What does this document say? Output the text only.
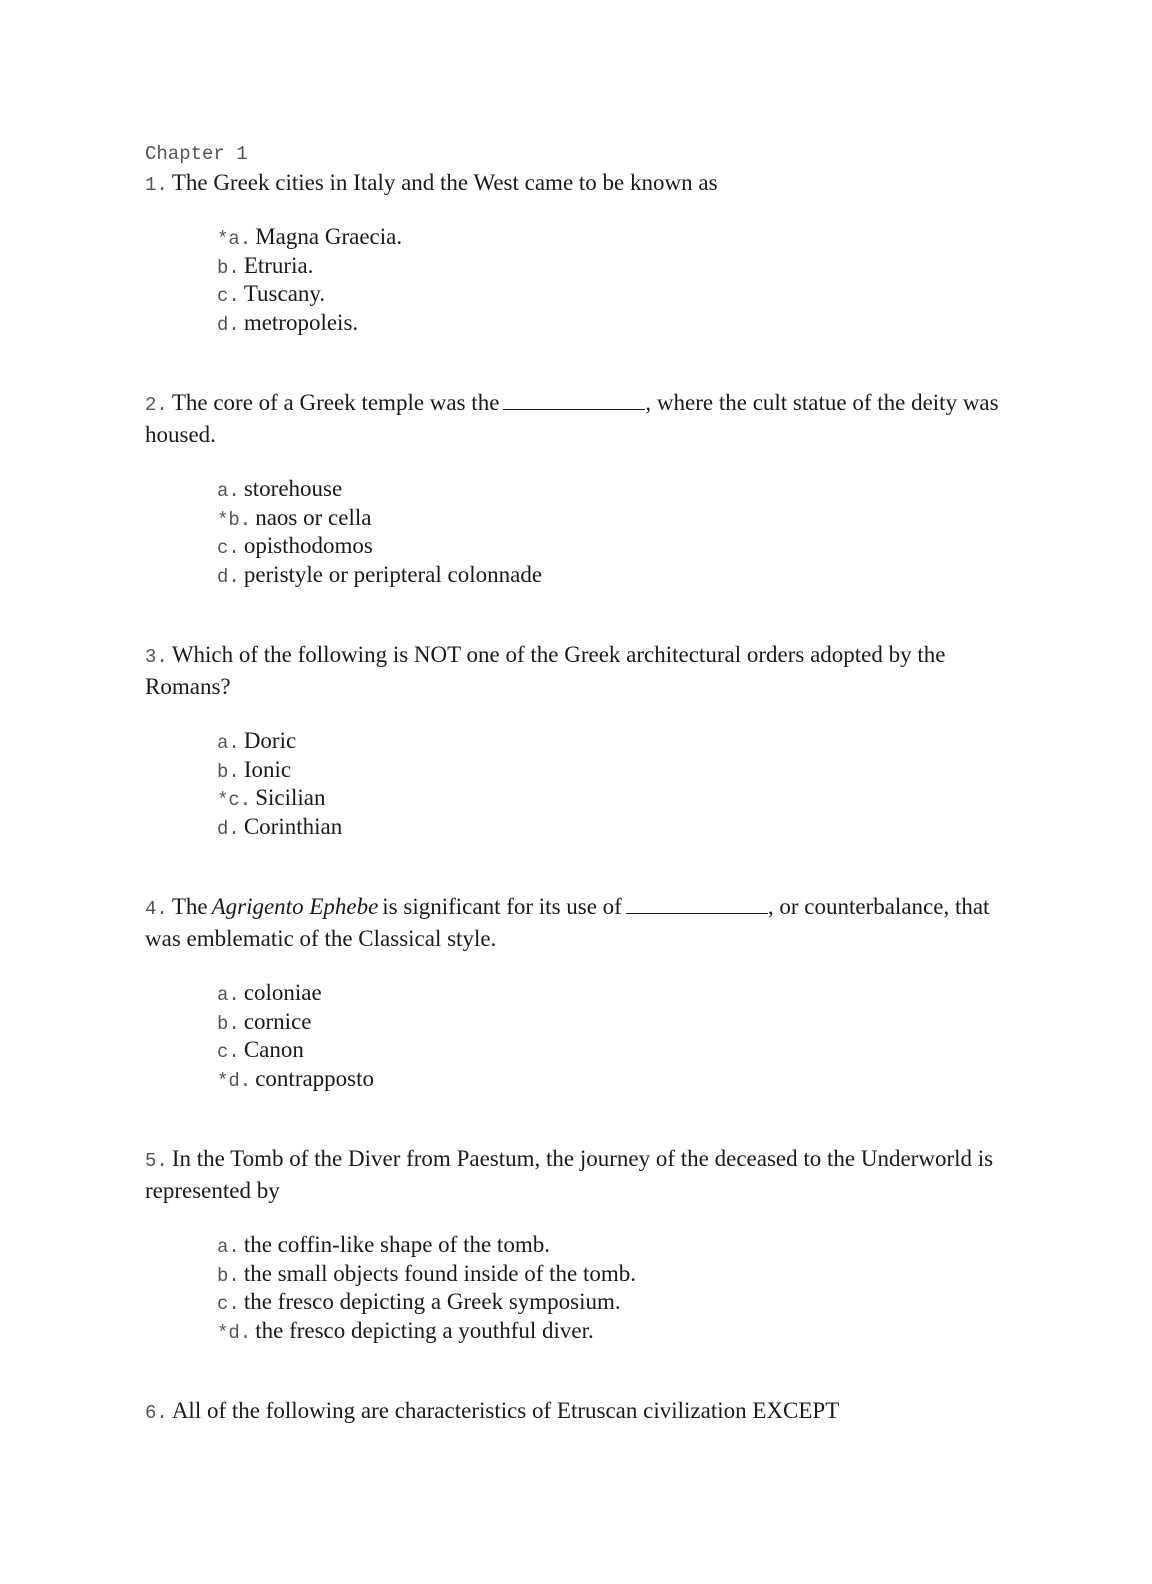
Chapter 1
1. The Greek cities in Italy and the West came to be known as
*a. Magna Graecia.
b. Etruria.
c. Tuscany.
d. metropoleis.
2. The core of a Greek temple was the	, where the cult statue of the deity was housed.
a. storehouse
*b. naos or cella
c. opisthodomos
d. peristyle or peripteral colonnade
3. Which of the following is NOT one of the Greek architectural orders adopted by the Romans?
a. Doric
b. Ionic
*c. Sicilian
d. Corinthian
4. The Agrigento Ephebe is significant for its use of	, or counterbalance, that was emblematic of the Classical style.
a. coloniae
b. cornice
c. Canon
*d. contrapposto
5. In the Tomb of the Diver from Paestum, the journey of the deceased to the Underworld is represented by
a. the coffin-like shape of the tomb.
b. the small objects found inside of the tomb.
c. the fresco depicting a Greek symposium.
*d. the fresco depicting a youthful diver.
6. All of the following are characteristics of Etruscan civilization EXCEPT
